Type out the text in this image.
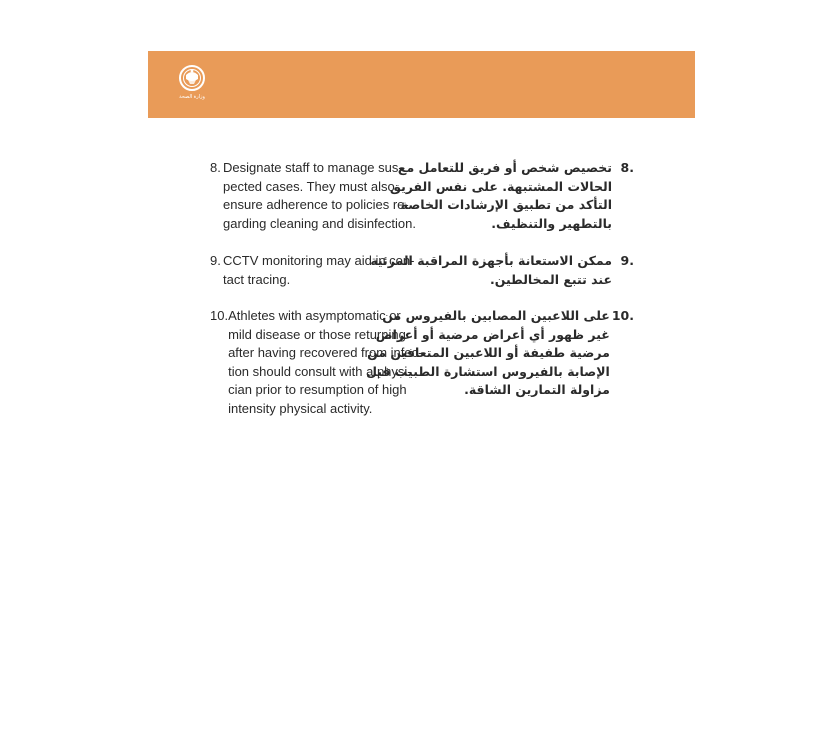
وزارة الصحة
8. Designate staff to manage sus-
pected cases. They must also
ensure adherence to policies re-
garding cleaning and disinfection.
9. CCTV monitoring may aid in con-
tact tracing.
10. Athletes with asymptomatic or
mild disease or those returning
after having recovered from infec-
tion should consult with a physi-
cian prior to resumption of high
intensity physical activity.
.8
تخصيص شخص أو فريق للتعامل مع
الحالات المشتبهة. على نفس الفريق
التأكد من تطبيق الإرشادات الخاصة
بالتطهير والتنظيف.
.9
ممكن الاستعانة بأجهزة المراقبة المرئية
عند تتبع المخالطين.
.10
على اللاعبين المصابين بالفيروس من
غير ظهور أي أعراض مرضية أو أعراض
مرضية طفيفة أو اللاعبين المتعافين من
الإصابة بالفيروس استشارة الطبيب قبل
مزاولة التمارين الشاقة.
